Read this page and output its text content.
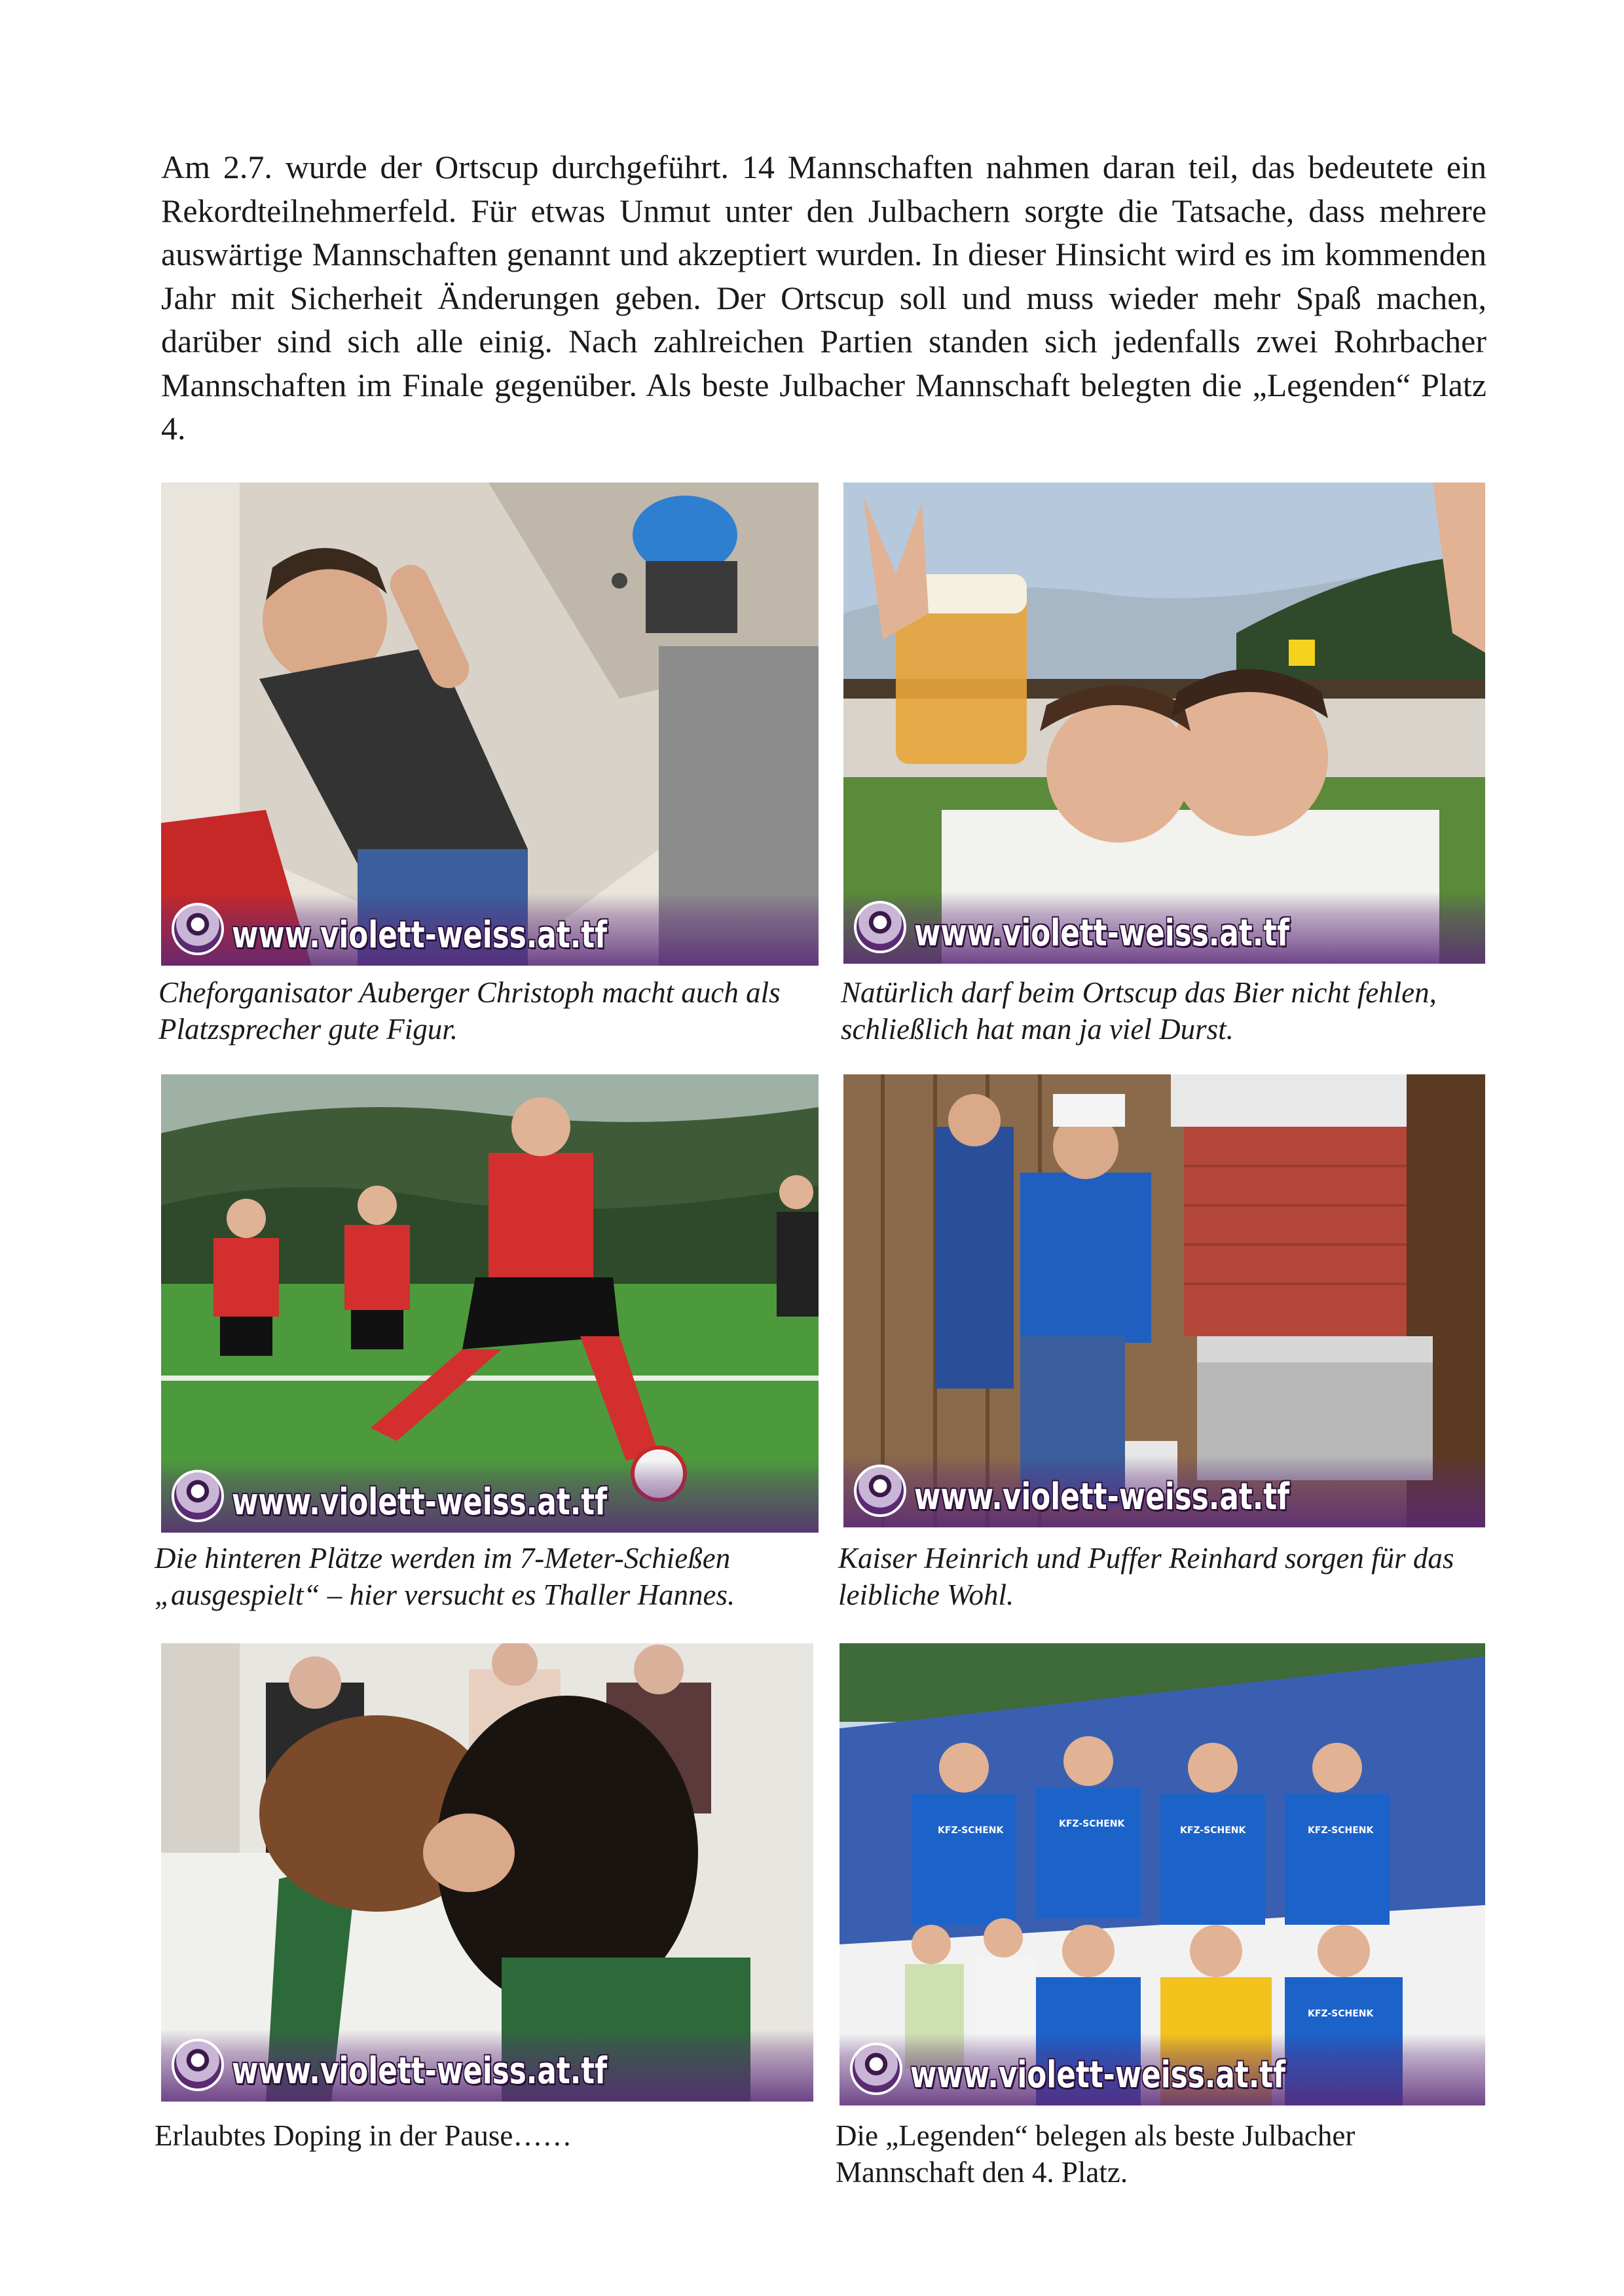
Am 2.7. wurde der Ortscup durchgeführt. 14 Mannschaften nahmen daran teil, das bedeutete ein Rekordteilnehmerfeld. Für etwas Unmut unter den Julbachern sorgte die Tatsache, dass mehrere auswärtige Mannschaften genannt und akzeptiert wurden. In dieser Hinsicht wird es im kommenden Jahr mit Sicherheit Änderungen geben. Der Ortscup soll und muss wieder mehr Spaß machen, darüber sind sich alle einig. Nach zahlreichen Partien standen sich jedenfalls zwei Rohrbacher Mannschaften im Finale gegenüber. Als beste Julbacher Mannschaft belegten die „Legenden“ Platz 4.

www.violett-weiss.at.tf

Cheforganisator Auberger Christoph macht auch als Platzsprecher gute Figur.

www.violett-weiss.at.tf

Natürlich darf beim Ortscup das Bier nicht fehlen, schließlich hat man ja viel Durst.

www.violett-weiss.at.tf

Die hinteren Plätze werden im 7-Meter-Schießen „ausgespielt“ – hier versucht es Thaller Hannes.

www.violett-weiss.at.tf

Kaiser Heinrich und Puffer Reinhard sorgen für das leibliche Wohl.

www.violett-weiss.at.tf

Erlaubtes Doping in der Pause……

KFZ-SCHENK
KFZ-SCHENK
KFZ-SCHENK	KFZ-SCHENK
KFZ-SCHENK
www.violett-weiss.at.tf

Die „Legenden“ belegen als beste Julbacher Mannschaft den 4. Platz.
